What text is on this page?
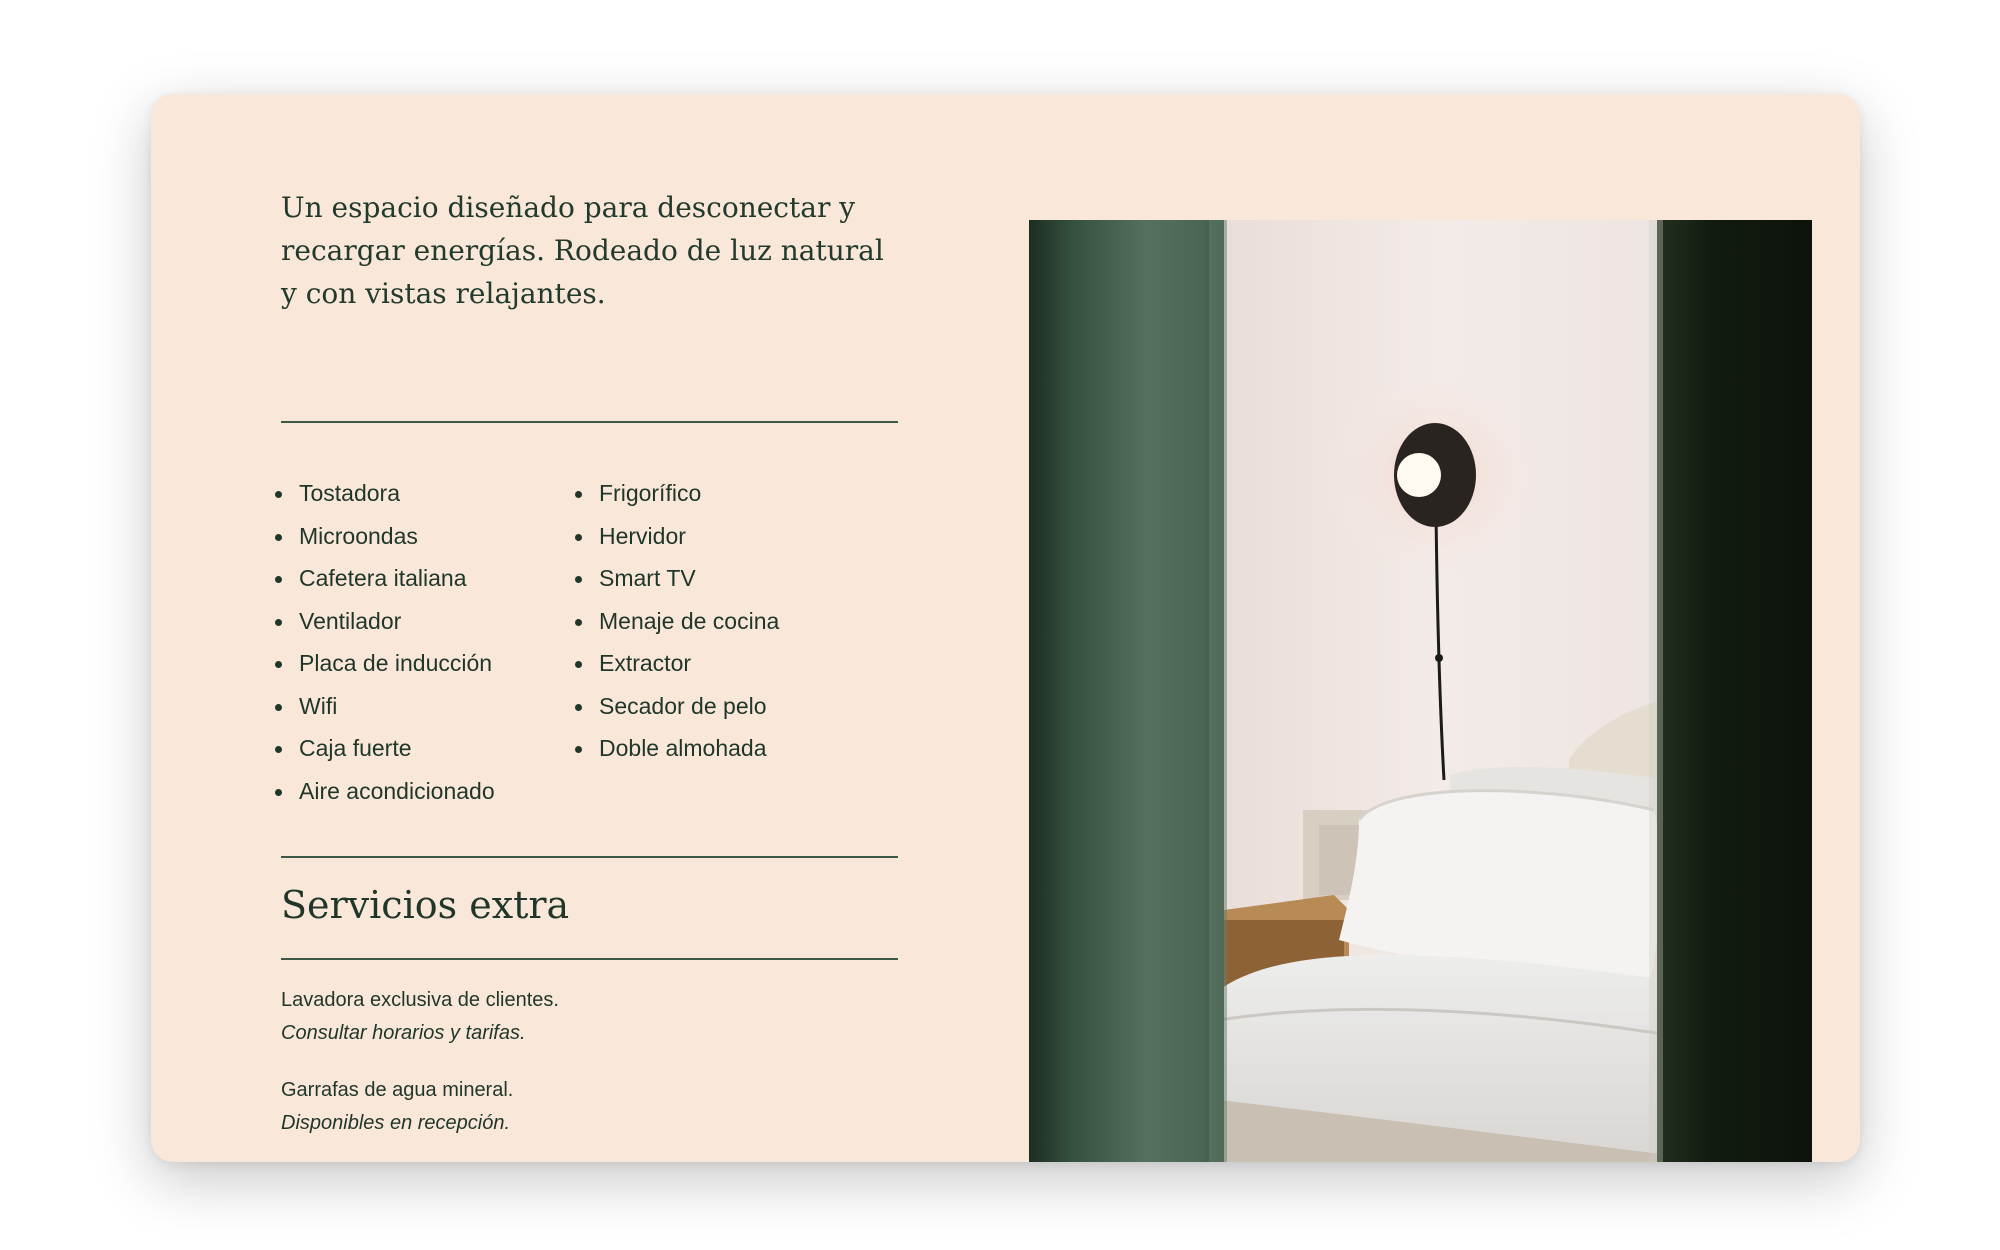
Un espacio diseñado para desconectar y recargar energías. Rodeado de luz natural y con vistas relajantes.

Tostadora
Microondas
Cafetera italiana
Ventilador
Placa de inducción
Wifi
Caja fuerte
Aire acondicionado
Frigorífico
Hervidor
Smart TV
Menaje de cocina
Extractor
Secador de pelo
Doble almohada
Servicios extra
Lavadora exclusiva de clientes.
Consultar horarios y tarifas.
Garrafas de agua mineral.
Disponibles en recepción.
